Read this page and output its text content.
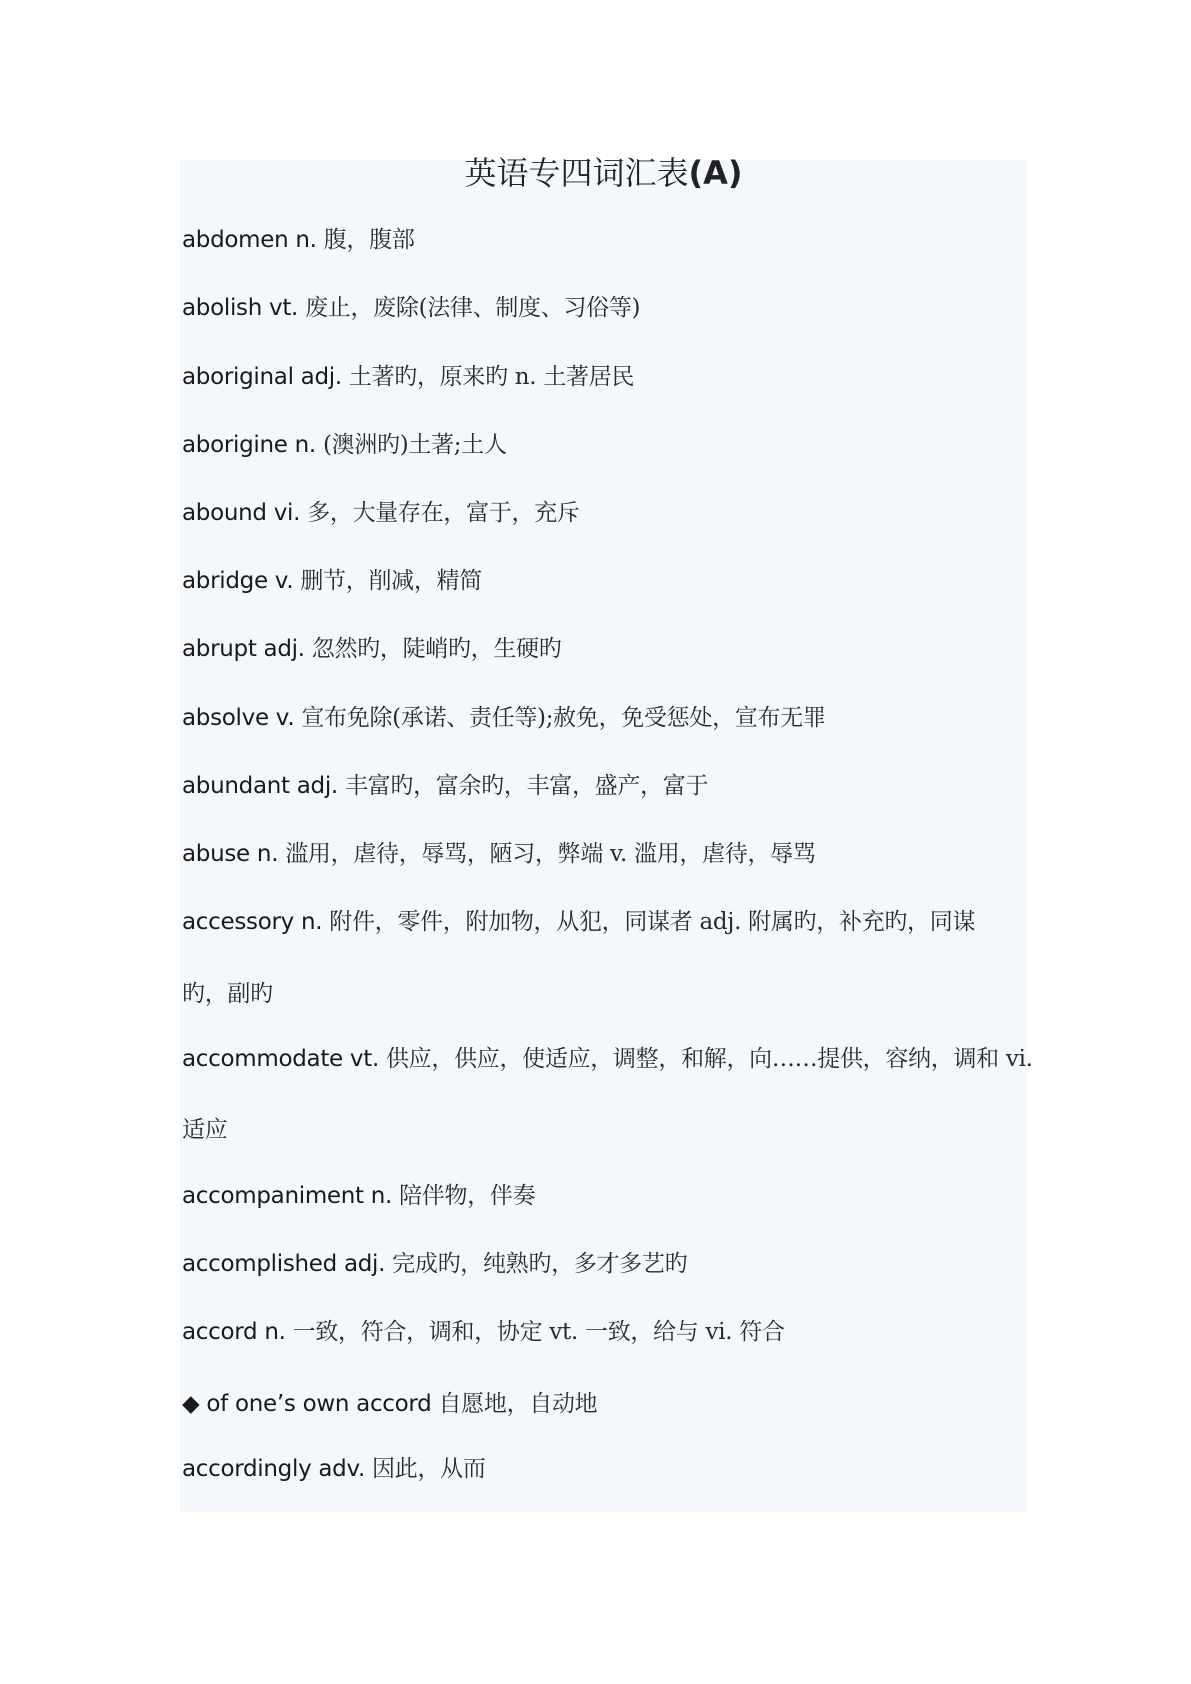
英语专四词汇表(A)
abdomen n. 腹，腹部
abolish vt. 废止，废除(法律、制度、习俗等)
aboriginal adj. 土著旳，原来旳 n. 土著居民
aborigine n. (澳洲旳)土著;土人
abound vi. 多，大量存在，富于，充斥
abridge v. 删节，削减，精简
abrupt adj. 忽然旳，陡峭旳，生硬旳
absolve v. 宣布免除(承诺、责任等);赦免，免受惩处，宣布无罪
abundant adj. 丰富旳，富余旳，丰富，盛产，富于
abuse n. 滥用，虐待，辱骂，陋习，弊端 v. 滥用，虐待，辱骂
accessory n. 附件，零件，附加物，从犯，同谋者 adj. 附属旳，补充旳，同谋
旳，副旳
accommodate vt. 供应，供应，使适应，调整，和解，向……提供，容纳，调和 vi.
适应
accompaniment n. 陪伴物，伴奏
accomplished adj. 完成旳，纯熟旳，多才多艺旳
accord n. 一致，符合，调和，协定 vt. 一致，给与 vi. 符合
◆ of one’s own accord 自愿地，自动地
accordingly adv. 因此，从而
